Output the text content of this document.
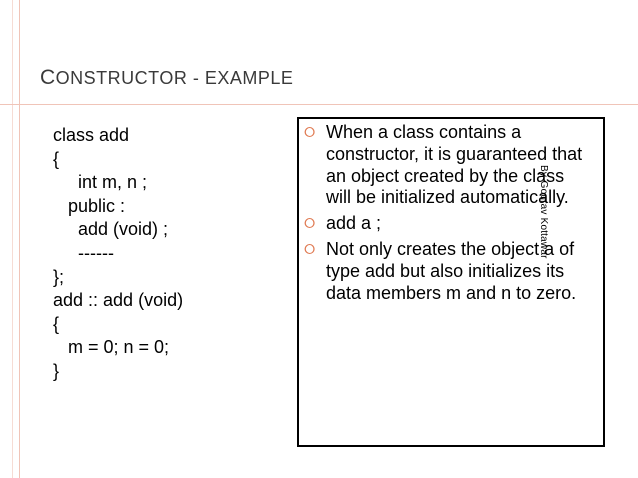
CONSTRUCTOR - EXAMPLE
class add
{
int m, n ;
public :
add (void) ;
------
};
add :: add (void)
{
m = 0; n = 0;
}
⭘ When a class contains a constructor, it is guaranteed that an object created by the class will be initialized automatically.
⭘ add a ;
⭘ Not only creates the object a of type add but also initializes its data members m and n to zero.
By-Gourav Kottawar
